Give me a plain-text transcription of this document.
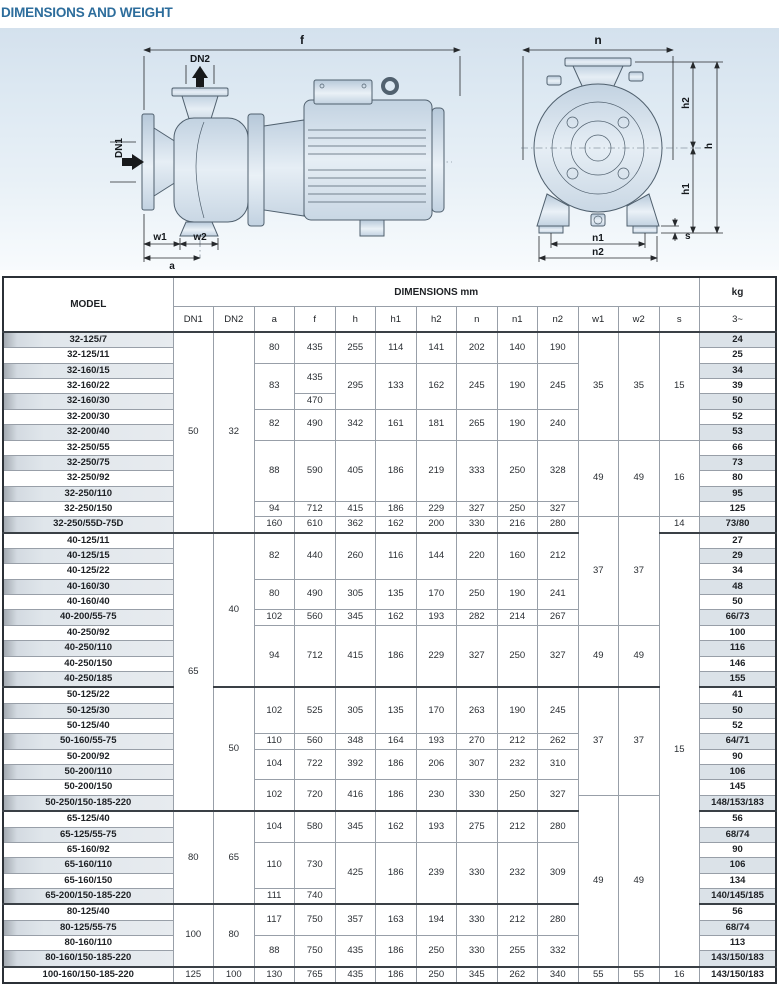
DIMENSIONS AND WEIGHT
f
DN2
DN1
w1	w2
a
n
h2
h1
h
s
n1
n2
MODEL	DIMENSIONS mm													kg
	DN1	DN2	a	f	h	h1	h2	n	n1	n2	w1	w2	s	3~
32-125/7	50	32	80	435	255	114	141	202	140	190	35	35	15	24
32-125/11														25
32-160/15			83	435	295	133	162	245	190	245				34
32-160/22														39
32-160/30				470										50
32-200/30			82	490	342	161	181	265	190	240				52
32-200/40														53
32-250/55			88	590	405	186	219	333	250	328	49	49	16	66
32-250/75														73
32-250/92														80
32-250/110														95
32-250/150			94	712	415	186	229	327	250	327				125
32-250/55D-75D			160	610	362	162	200	330	216	280	37	37	14	73/80
40-125/11	65	40	82	440	260	116	144	220	160	212			15	27
40-125/15														29
40-125/22														34
40-160/30			80	490	305	135	170	250	190	241				48
40-160/40														50
40-200/55-75			102	560	345	162	193	282	214	267				66/73
40-250/92			94	712	415	186	229	327	250	327	49	49		100
40-250/110														116
40-250/150														146
40-250/185														155
50-125/22		50	102	525	305	135	170	263	190	245	37	37		41
50-125/30														50
50-125/40														52
50-160/55-75			110	560	348	164	193	270	212	262				64/71
50-200/92			104	722	392	186	206	307	232	310				90
50-200/110														106
50-200/150			102	720	416	186	230	330	250	327				145
50-250/150-185-220											49	49		148/153/183
65-125/40	80	65	104	580	345	162	193	275	212	280				56
65-125/55-75														68/74
65-160/92			110	730	425	186	239	330	232	309				90
65-160/110														106
65-160/150														134
65-200/150-185-220			111	740										140/145/185
80-125/40	100	80	117	750	357	163	194	330	212	280				56
80-125/55-75														68/74
80-160/110			88	750	435	186	250	330	255	332				113
80-160/150-185-220														143/150/183
100-160/150-185-220	125	100	130	765	435	186	250	345	262	340	55	55	16	143/150/183
